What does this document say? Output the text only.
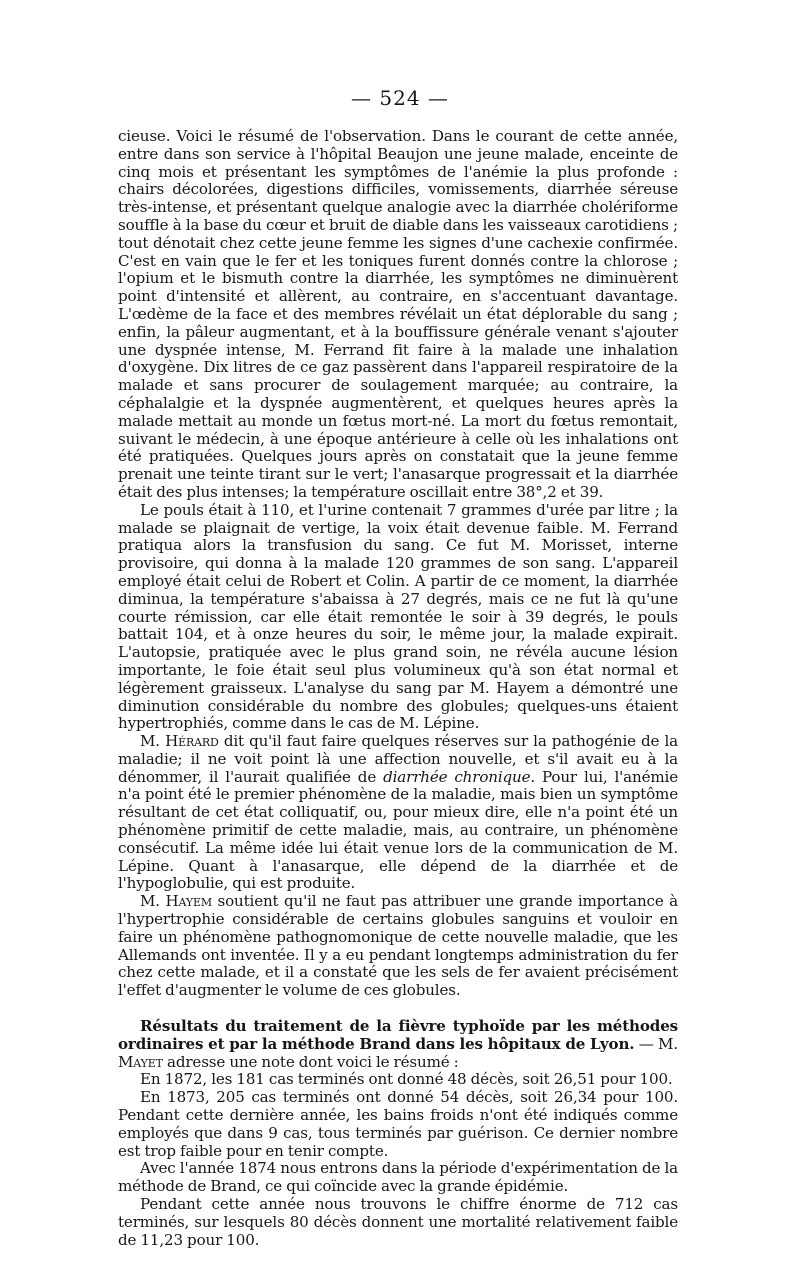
— 524 —

cieuse. Voici le résumé de l'observation. Dans le courant de cette année, entre dans son service à l'hôpital Beaujon une jeune malade, enceinte de cinq mois et présentant les symptômes de l'anémie la plus profonde : chairs décolorées, digestions difficiles, vomissements, diarrhée séreuse très-intense, et présentant quelque analogie avec la diarrhée cholériforme souffle à la base du cœur et bruit de diable dans les vaisseaux carotidiens ; tout dénotait chez cette jeune femme les signes d'une cachexie confirmée. C'est en vain que le fer et les toniques furent donnés contre la chlorose ; l'opium et le bismuth contre la diarrhée, les symptômes ne diminuèrent point d'intensité et allèrent, au contraire, en s'accentuant davantage. L'œdème de la face et des membres révélait un état déplorable du sang ; enfin, la pâleur augmentant, et à la bouffissure générale venant s'ajouter une dyspnée intense, M. Ferrand fit faire à la malade une inhalation d'oxygène. Dix litres de ce gaz passèrent dans l'appareil respiratoire de la malade et sans procurer de soulagement marquée; au contraire, la céphalalgie et la dyspnée augmentèrent, et quelques heures après la malade mettait au monde un fœtus mort-né. La mort du fœtus remontait, suivant le médecin, à une époque antérieure à celle où les inhalations ont été pratiquées. Quelques jours après on constatait que la jeune femme prenait une teinte tirant sur le vert; l'anasarque progressait et la diarrhée était des plus intenses; la température oscillait entre 38°,2 et 39.

Le pouls était à 110, et l'urine contenait 7 grammes d'urée par litre ; la malade se plaignait de vertige, la voix était devenue faible. M. Ferrand pratiqua alors la transfusion du sang. Ce fut M. Morisset, interne provisoire, qui donna à la malade 120 grammes de son sang. L'appareil employé était celui de Robert et Colin. A partir de ce moment, la diarrhée diminua, la température s'abaissa à 27 degrés, mais ce ne fut là qu'une courte rémission, car elle était remontée le soir à 39 degrés, le pouls battait 104, et à onze heures du soir, le même jour, la malade expirait. L'autopsie, pratiquée avec le plus grand soin, ne révéla aucune lésion importante, le foie était seul plus volumineux qu'à son état normal et légèrement graisseux. L'analyse du sang par M. Hayem a démontré une diminution considérable du nombre des globules; quelques-uns étaient hypertrophiés, comme dans le cas de M. Lépine.

M. Hérard dit qu'il faut faire quelques réserves sur la pathogénie de la maladie; il ne voit point là une affection nouvelle, et s'il avait eu à la dénommer, il l'aurait qualifiée de diarrhée chronique. Pour lui, l'anémie n'a point été le premier phénomène de la maladie, mais bien un symptôme résultant de cet état colliquatif, ou, pour mieux dire, elle n'a point été un phénomène primitif de cette maladie, mais, au contraire, un phénomène consécutif. La même idée lui était venue lors de la communication de M. Lépine. Quant à l'anasarque, elle dépend de la diarrhée et de l'hypoglobulie, qui est produite.

M. Hayem soutient qu'il ne faut pas attribuer une grande importance à l'hypertrophie considérable de certains globules sanguins et vouloir en faire un phénomène pathognomonique de cette nouvelle maladie, que les Allemands ont inventée. Il y a eu pendant longtemps administration du fer chez cette malade, et il a constaté que les sels de fer avaient précisément l'effet d'augmenter le volume de ces globules.

Résultats du traitement de la fièvre typhoïde par les méthodes ordinaires et par la méthode Brand dans les hôpitaux de Lyon. — M. Mayet adresse une note dont voici le résumé :

En 1872, les 181 cas terminés ont donné 48 décès, soit 26,51 pour 100.

En 1873, 205 cas terminés ont donné 54 décès, soit 26,34 pour 100. Pendant cette dernière année, les bains froids n'ont été indiqués comme employés que dans 9 cas, tous terminés par guérison. Ce dernier nombre est trop faible pour en tenir compte.

Avec l'année 1874 nous entrons dans la période d'expérimentation de la méthode de Brand, ce qui coïncide avec la grande épidémie.

Pendant cette année nous trouvons le chiffre énorme de 712 cas terminés, sur lesquels 80 décès donnent une mortalité relativement faible de 11,23 pour 100.
